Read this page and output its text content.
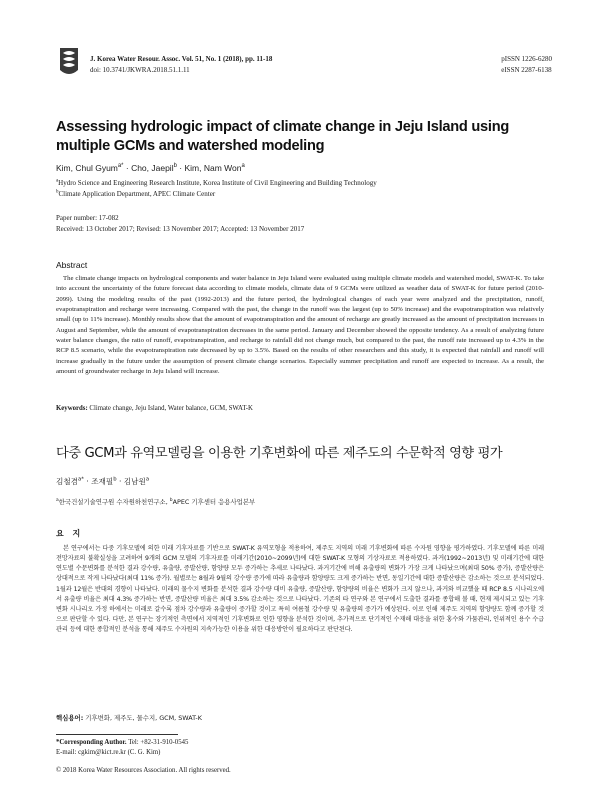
J. Korea Water Resour. Assoc. Vol. 51, No. 1 (2018), pp. 11-18
doi: 10.3741/JKWRA.2018.51.1.11
pISSN 1226-6280
eISSN 2287-6138
Assessing hydrologic impact of climate change in Jeju Island using multiple GCMs and watershed modeling
Kim, Chul Gyum$^{a*}$ · Cho, Jaepil$^b$ · Kim, Nam Won$^a$
$^a$Hydro Science and Engineering Research Institute, Korea Institute of Civil Engineering and Building Technology
$^b$Climate Application Department, APEC Climate Center
Paper number: 17-082
Received: 13 October 2017; Revised: 13 November 2017; Accepted: 13 November 2017
Abstract
The climate change impacts on hydrological components and water balance in Jeju Island were evaluated using multiple climate models and watershed model, SWAT-K. To take into account the uncertainty of the future forecast data according to climate models, climate data of 9 GCMs were utilized as weather data of SWAT-K for future period (2010-2099). Using the modeling results of the past (1992-2013) and the future period, the hydrological changes of each year were analyzed and the precipitation, runoff, evapotranspiration and recharge were increasing. Compared with the past, the change in the runoff was the largest (up to 50% increase) and the evapotranspiration was relatively small (up to 11% increase). Monthly results show that the amount of evapotranspiration and the amount of recharge are greatly increased as the amount of precipitation increases in August and September, while the amount of evapotranspiration decreases in the same period. January and December showed the opposite tendency. As a result of analyzing future water balance changes, the ratio of runoff, evapotranspiration, and recharge to rainfall did not change much, but compared to the past, the runoff rate increased up to 4.3% in the RCP 8.5 scenario, while the evapotranspiration rate decreased by up to 3.5%. Based on the results of other researchers and this study, it is expected that rainfall and runoff will increase gradually in the future under the assumption of present climate change scenarios. Especially summer precipitation and runoff are expected to increase. As a result, the amount of groundwater recharge in Jeju Island will increase.
Keywords: Climate change, Jeju Island, Water balance, GCM, SWAT-K
다중 GCM과 유역모델링을 이용한 기후변화에 따른 제주도의 수문학적 영향 평가
김철겸$^{a*}$ · 조재필$^b$ · 김남원$^a$
$^a$한국건설기술연구원 수자원하천연구소, $^b$APEC 기후센터 응용사업본부
요 지
본 연구에서는 다중 기후모델에 의한 미래 기후자료를 기반으로 SWAT-K 유역모형을 적용하여, 제주도 지역의 미래 기후변화에 따른 수자원 영향을 평가하였다. 기후모델에 따른 미래 전망자료의 불확실성을 고려하여 9개의 GCM 모델의 기후자료를 미래기간(2010~2099년)에 대한 SWAT-K 모형의 기상자료로 적용하였다. 과거(1992~2013년) 및 미래기간에 대한 연도별 수문변화를 분석한 결과 강수량, 유출량, 증발산량, 함양량 모두 증가하는 추세로 나타났다. 과거기간에 비해 유출량의 변화가 가장 크게 나타났으며(최대 50% 증가), 증발산량은 상대적으로 작게 나타났다(최대 11% 증가). 월별로는 8월과 9월의 강수량 증가에 따라 유출량과 함양량도 크게 증가하는 반면, 동일기간에 대한 증발산량은 감소하는 것으로 분석되었다. 1월과 12월은 반대의 경향이 나타났다. 미래의 물수지 변화를 분석한 결과 강수량 대비 유출량, 증발산량, 함양량의 비율은 변화가 크지 않으나, 과거와 비교했을 때 RCP 8.5 시나리오에서 유출량 비율은 최대 4.3% 증가하는 반면, 증발산량 비율은 최대 3.5% 감소하는 것으로 나타났다. 기존의 타 연구와 본 연구에서 도출한 결과를 종합해 볼 때, 현재 제시되고 있는 기후변화 시나리오 가정 하에서는 미래로 갈수록 점차 강수량과 유출량이 증가할 것이고 특히 여름철 강수량 및 유출량의 증가가 예상된다. 이로 인해 제주도 지역의 함양량도 함께 증가할 것으로 판단할 수 있다. 다만, 본 연구는 장기적인 측면에서 지역적인 기후변화로 인한 영향을 분석한 것이며, 추가적으로 단기적인 수재해 대응을 위한 홍수와 가뭄관리, 인위적인 용수 수급 관리 등에 대한 종합적인 분석을 통해 제주도 수자원의 지속가능한 이용을 위한 대응방안이 필요하다고 판단된다.
핵심용어: 기후변화, 제주도, 물수지, GCM, SWAT-K
*Corresponding Author. Tel: +82-31-910-0545
E-mail: cgkim@kict.re.kr (C. G. Kim)
© 2018 Korea Water Resources Association. All rights reserved.
